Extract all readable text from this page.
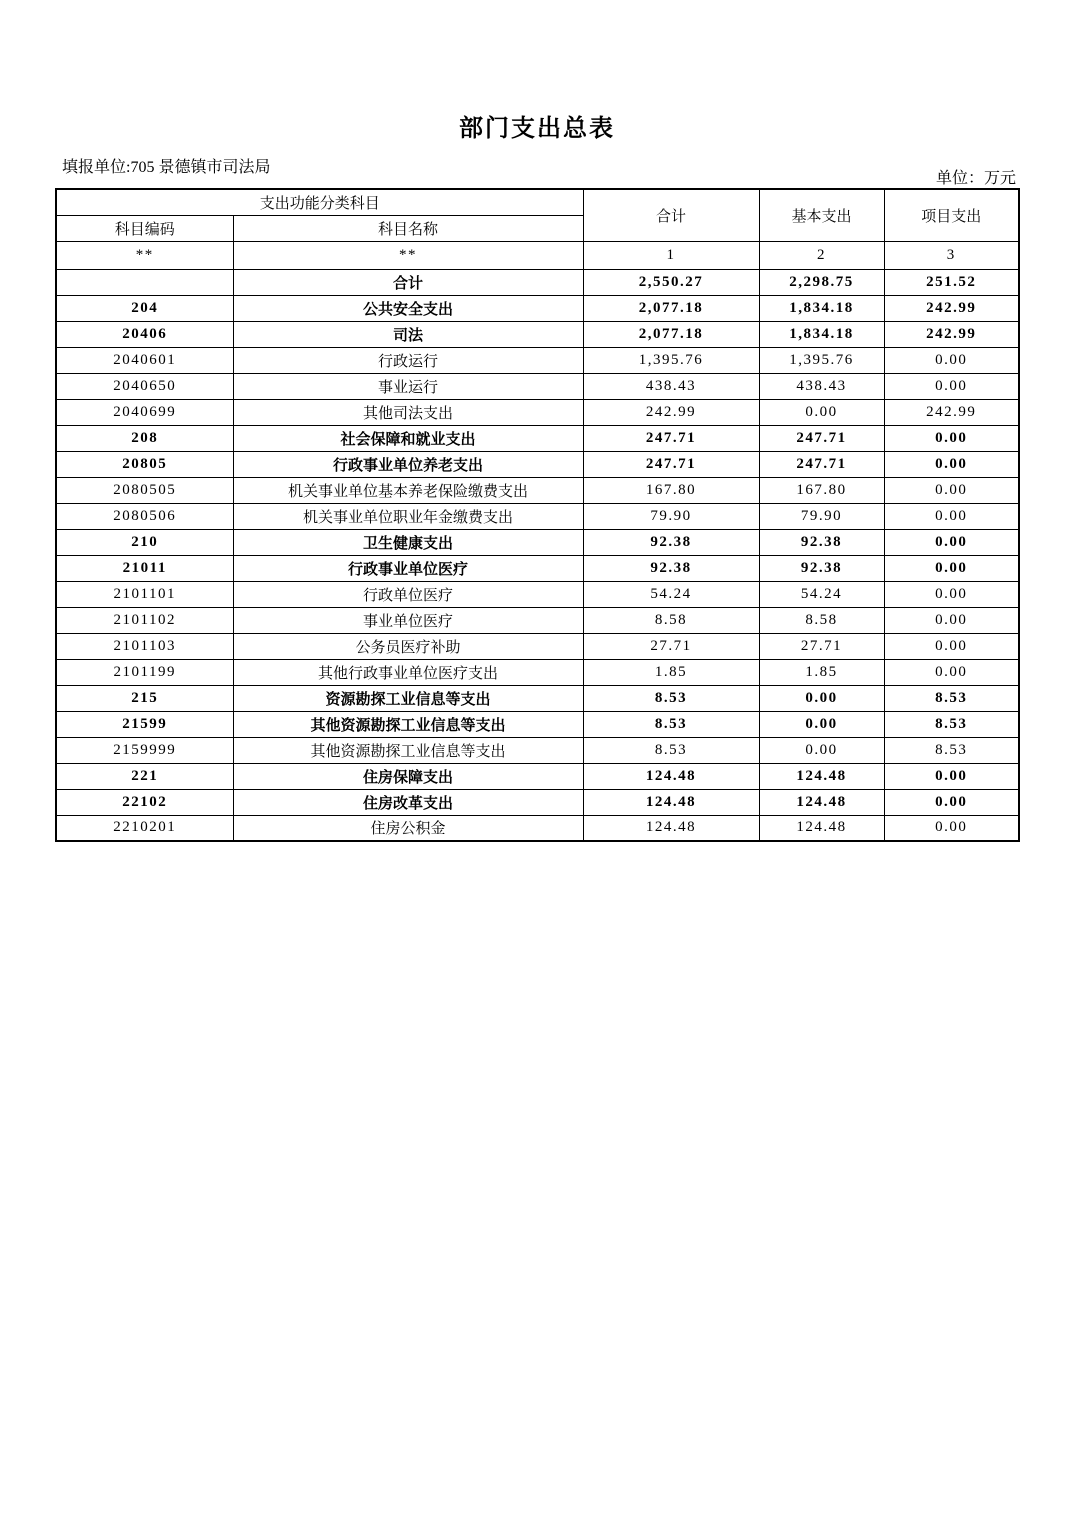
部门支出总表
填报单位:705 景德镇市司法局
单位：万元
支出功能分类科目		合计	基本支出	项目支出
科目编码	科目名称			
**	**	1	2	3
	合计	2,550.27	2,298.75	251.52
204	公共安全支出	2,077.18	1,834.18	242.99
20406	司法	2,077.18	1,834.18	242.99
2040601	行政运行	1,395.76	1,395.76	0.00
2040650	事业运行	438.43	438.43	0.00
2040699	其他司法支出	242.99	0.00	242.99
208	社会保障和就业支出	247.71	247.71	0.00
20805	行政事业单位养老支出	247.71	247.71	0.00
2080505	机关事业单位基本养老保险缴费支出	167.80	167.80	0.00
2080506	机关事业单位职业年金缴费支出	79.90	79.90	0.00
210	卫生健康支出	92.38	92.38	0.00
21011	行政事业单位医疗	92.38	92.38	0.00
2101101	行政单位医疗	54.24	54.24	0.00
2101102	事业单位医疗	8.58	8.58	0.00
2101103	公务员医疗补助	27.71	27.71	0.00
2101199	其他行政事业单位医疗支出	1.85	1.85	0.00
215	资源勘探工业信息等支出	8.53	0.00	8.53
21599	其他资源勘探工业信息等支出	8.53	0.00	8.53
2159999	其他资源勘探工业信息等支出	8.53	0.00	8.53
221	住房保障支出	124.48	124.48	0.00
22102	住房改革支出	124.48	124.48	0.00
2210201	住房公积金	124.48	124.48	0.00
